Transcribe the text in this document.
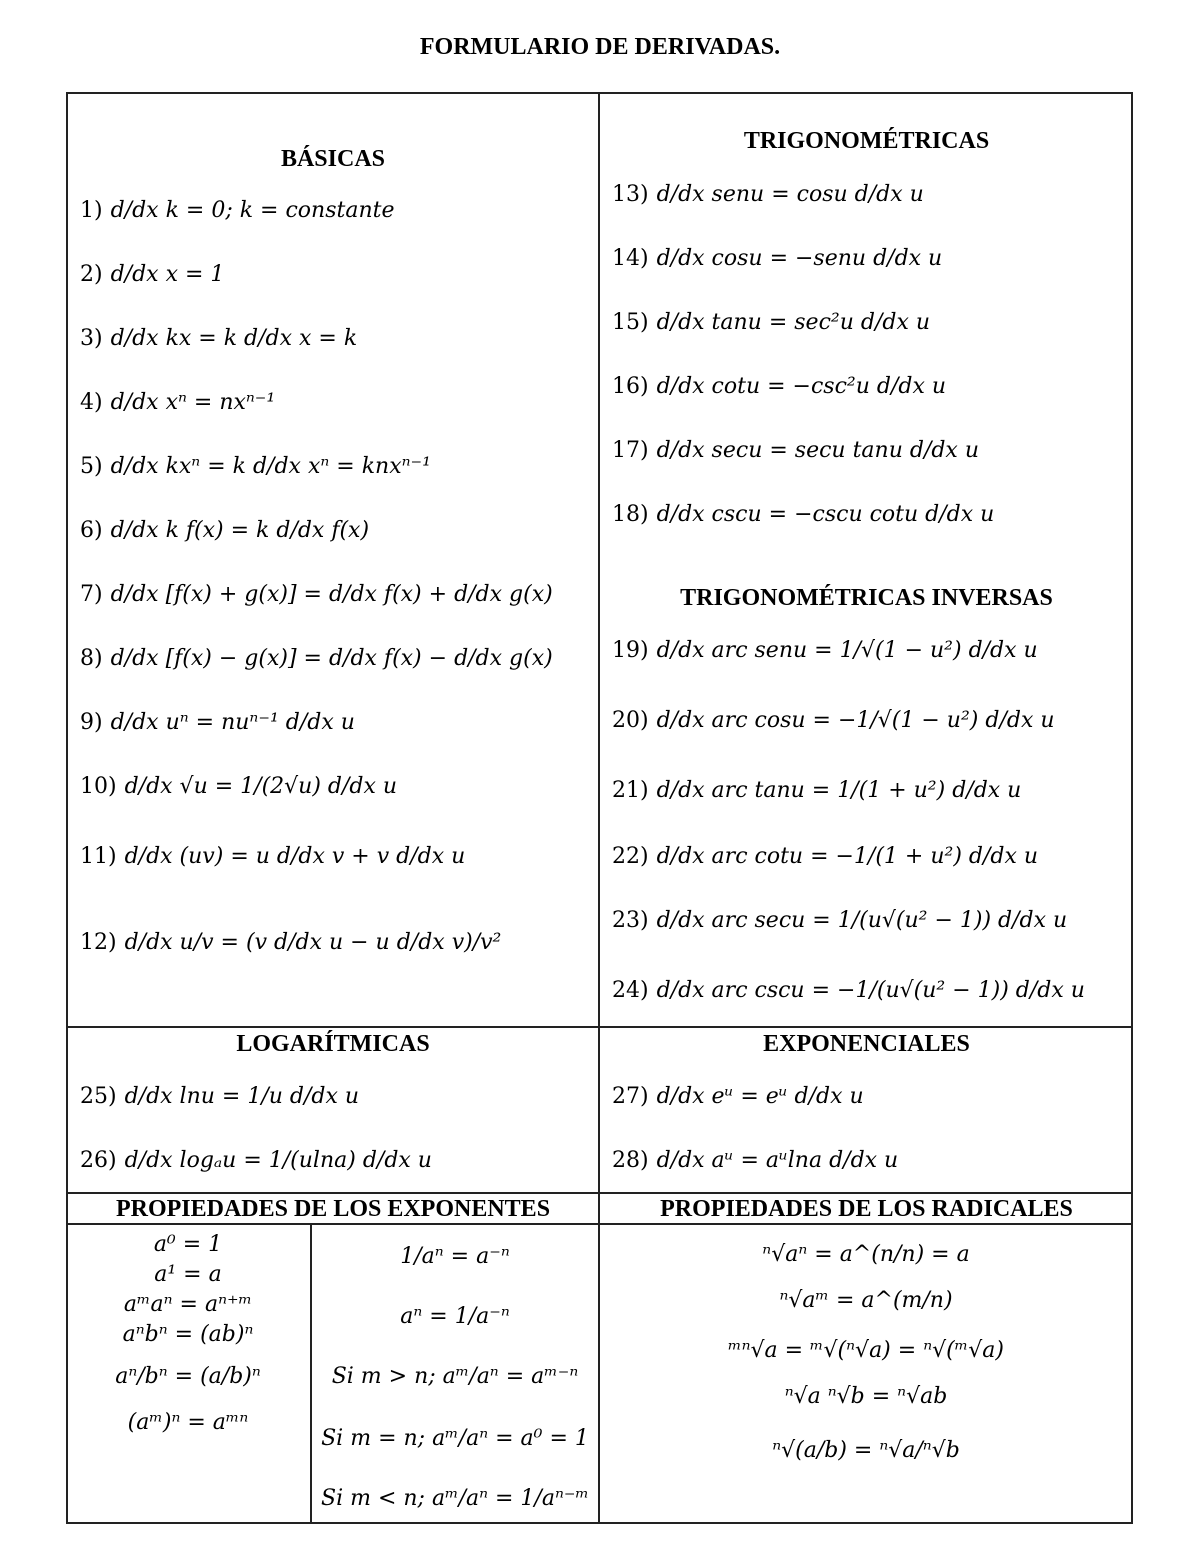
FORMULARIO DE DERIVADAS.
BÁSICAS
TRIGONOMÉTRICAS
TRIGONOMÉTRICAS INVERSAS
LOGARÍTMICAS	EXPONENCIALES
PROPIEDADES DE LOS EXPONENTES	PROPIEDADES DE LOS RADICALES
1) d/dx k = 0; k = constante
2) d/dx x = 1
3) d/dx kx = k d/dx x = k
4) d/dx xⁿ = nxⁿ⁻¹
5) d/dx kxⁿ = k d/dx xⁿ = knxⁿ⁻¹
6) d/dx k f(x) = k d/dx f(x)
7) d/dx [f(x) + g(x)] = d/dx f(x) + d/dx g(x)
8) d/dx [f(x) − g(x)] = d/dx f(x) − d/dx g(x)
9) d/dx uⁿ = nuⁿ⁻¹ d/dx u
10) d/dx √u = 1/(2√u) d/dx u
11) d/dx (uv) = u d/dx v + v d/dx u
12) d/dx u/v = (v d/dx u − u d/dx v)/v²
13) d/dx senu = cosu d/dx u
14) d/dx cosu = −senu d/dx u
15) d/dx tanu = sec²u d/dx u
16) d/dx cotu = −csc²u d/dx u
17) d/dx secu = secu tanu d/dx u
18) d/dx cscu = −cscu cotu d/dx u
19) d/dx arc senu = 1/√(1 − u²) d/dx u
20) d/dx arc cosu = −1/√(1 − u²) d/dx u
21) d/dx arc tanu = 1/(1 + u²) d/dx u
22) d/dx arc cotu = −1/(1 + u²) d/dx u
23) d/dx arc secu = 1/(u√(u² − 1)) d/dx u
24) d/dx arc cscu = −1/(u√(u² − 1)) d/dx u
25) d/dx lnu = 1/u d/dx u
26) d/dx logₐu = 1/(ulna) d/dx u
27) d/dx eᵘ = eᵘ d/dx u
28) d/dx aᵘ = aᵘlna d/dx u
a⁰ = 1
a¹ = a
aᵐaⁿ = aⁿ⁺ᵐ
aⁿbⁿ = (ab)ⁿ
aⁿ/bⁿ = (a/b)ⁿ
(aᵐ)ⁿ = aᵐⁿ
1/aⁿ = a⁻ⁿ
aⁿ = 1/a⁻ⁿ
Si m > n; aᵐ/aⁿ = aᵐ⁻ⁿ
Si m = n; aᵐ/aⁿ = a⁰ = 1
Si m < n; aᵐ/aⁿ = 1/aⁿ⁻ᵐ
ⁿ√aⁿ = a^(n/n) = a
ⁿ√aᵐ = a^(m/n)
ᵐⁿ√a = ᵐ√(ⁿ√a) = ⁿ√(ᵐ√a)
ⁿ√a ⁿ√b = ⁿ√ab
ⁿ√(a/b) = ⁿ√a/ⁿ√b
